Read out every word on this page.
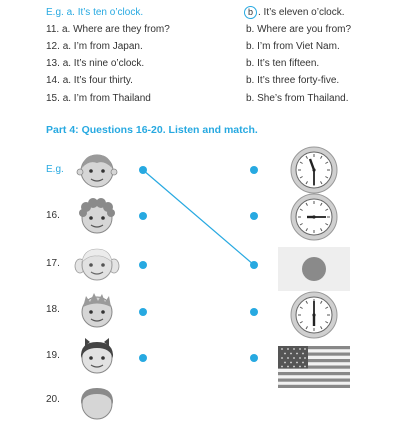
E.g. a. It’s ten o’clock.	b . It’s eleven o’clock.
11. a. Where are they from?	b. Where are you from?
12. a. I’m from Japan.	b. I’m from Viet Nam.
13. a. It’s nine o’clock.	b. It’s ten fifteen.
14. a. It’s four thirty.	b. It’s three forty-five.
15. a. I’m from Thailand	b. She’s from Thailand.
Part 4: Questions 16-20. Listen and match.
E.g.
16.
17.
18.
19.
20.
